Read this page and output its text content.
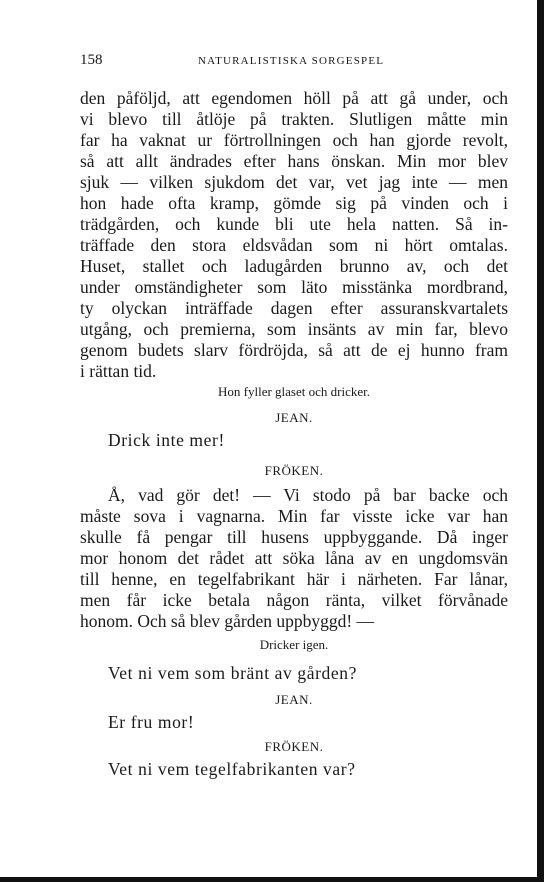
158	NATURALISTISKA SORGESPEL
den påföljd, att egendomen höll på att gå under, och
vi blevo till åtlöje på trakten. Slutligen måtte min
far ha vaknat ur förtrollningen och han gjorde revolt,
så att allt ändrades efter hans önskan. Min mor blev
sjuk — vilken sjukdom det var, vet jag inte — men
hon hade ofta kramp, gömde sig på vinden och i
trädgården, och kunde bli ute hela natten. Så in-
träffade den stora eldsvådan som ni hört omtalas.
Huset, stallet och ladugården brunno av, och det
under omständigheter som läto misstänka mordbrand,
ty olyckan inträffade dagen efter assuranskvartalets
utgång, och premierna, som insänts av min far, blevo
genom budets slarv fördröjda, så att de ej hunno fram
i rättan tid.
Hon fyller glaset och dricker.
JEAN.
Drick inte mer!
FRÖKEN.
Å, vad gör det! — Vi stodo på bar backe och
måste sova i vagnarna. Min far visste icke var han
skulle få pengar till husens uppbyggande. Då inger
mor honom det rådet att söka låna av en ungdomsvän
till henne, en tegelfabrikant här i närheten. Far lånar,
men får icke betala någon ränta, vilket förvånade
honom. Och så blev gården uppbyggd! —
Dricker igen.
Vet ni vem som bränt av gården?
JEAN.
Er fru mor!
FRÖKEN.
Vet ni vem tegelfabrikanten var?
